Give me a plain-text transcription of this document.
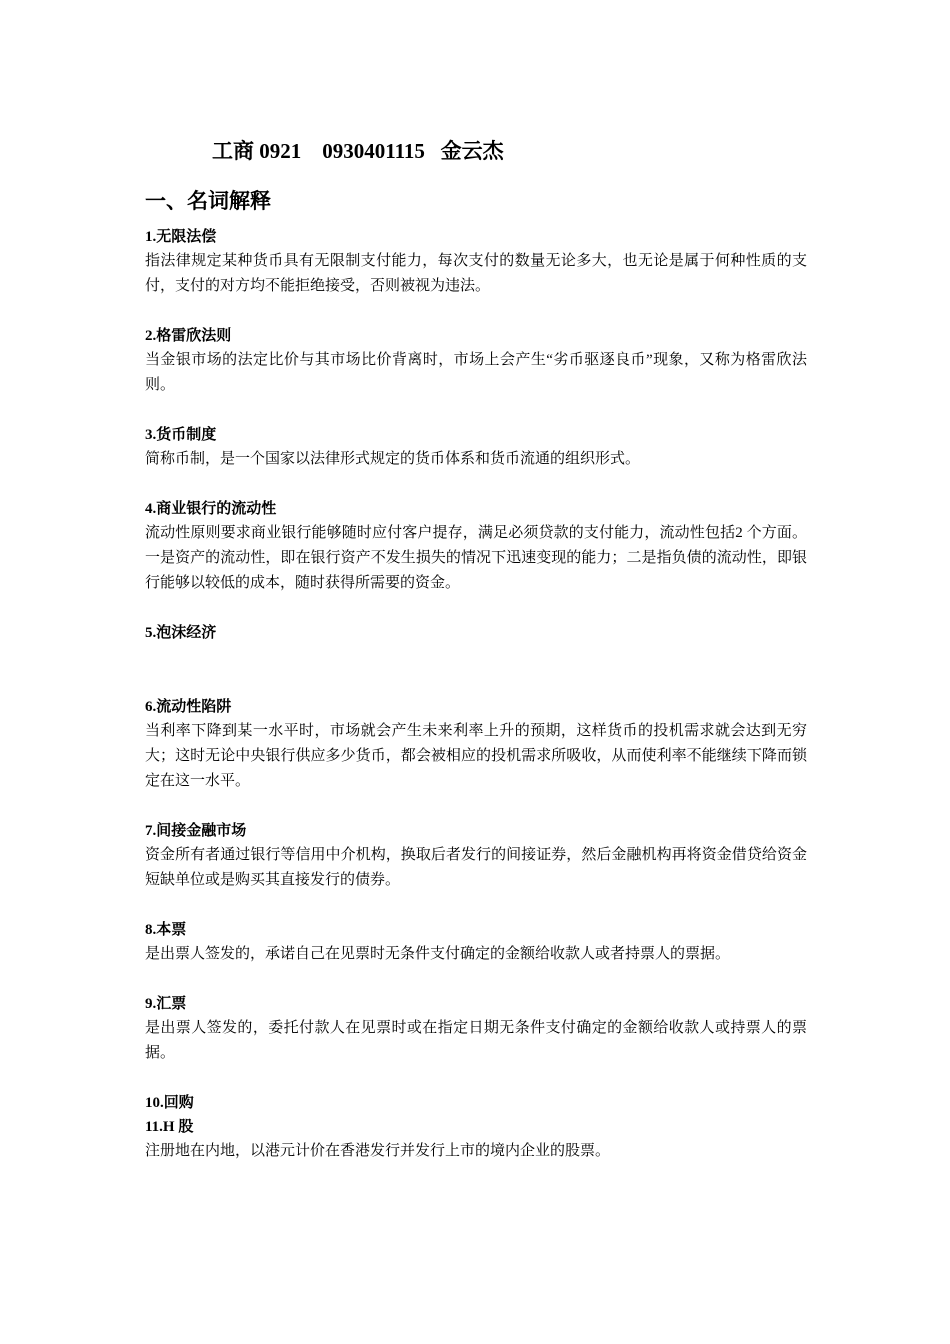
工商 0921    0930401115   金云杰
一、名词解释
1.无限法偿
指法律规定某种货币具有无限制支付能力，每次支付的数量无论多大，也无论是属于何种性质的支付，支付的对方均不能拒绝接受，否则被视为违法。
2.格雷欣法则
当金银市场的法定比价与其市场比价背离时，市场上会产生“劣币驱逐良币”现象，又称为格雷欣法则。
3.货币制度
简称币制，是一个国家以法律形式规定的货币体系和货币流通的组织形式。
4.商业银行的流动性
流动性原则要求商业银行能够随时应付客户提存，满足必须贷款的支付能力，流动性包括2 个方面。一是资产的流动性，即在银行资产不发生损失的情况下迅速变现的能力；二是指负债的流动性，即银行能够以较低的成本，随时获得所需要的资金。
5.泡沫经济
6.流动性陷阱
当利率下降到某一水平时，市场就会产生未来利率上升的预期，这样货币的投机需求就会达到无穷大；这时无论中央银行供应多少货币，都会被相应的投机需求所吸收，从而使利率不能继续下降而锁定在这一水平。
7.间接金融市场
资金所有者通过银行等信用中介机构，换取后者发行的间接证券，然后金融机构再将资金借贷给资金短缺单位或是购买其直接发行的债券。
8.本票
是出票人签发的，承诺自己在见票时无条件支付确定的金额给收款人或者持票人的票据。
9.汇票
是出票人签发的，委托付款人在见票时或在指定日期无条件支付确定的金额给收款人或持票人的票据。
10.回购
11.H 股
注册地在内地，以港元计价在香港发行并发行上市的境内企业的股票。
